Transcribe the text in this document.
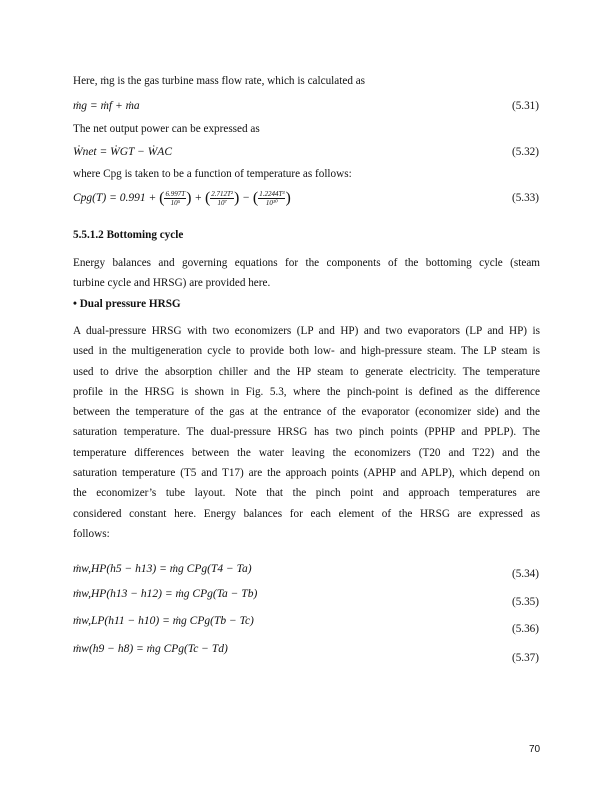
Here, ṁg is the gas turbine mass flow rate, which is calculated as
ṁg = ṁf + ṁa	(5.31)
The net output power can be expressed as
Ẇnet = ẆGT − ẆAC	(5.32)
where Cpg is taken to be a function of temperature as follows:
Cpg(T) = 0.991 + ( $\frac{6.997T}{\text{10⁵}}$ ) + ( $\frac{\text{2.712T²}}{\text{10⁷}}$ ) − ( $\frac{\text{1.2244T³}}{\text{10¹⁰}}$ )	(5.33)
5.5.1.2 Bottoming cycle
Energy balances and governing equations for the components of the bottoming cycle (steam
turbine cycle and HRSG) are provided here.
• Dual pressure HRSG
A dual-pressure HRSG with two economizers (LP and HP) and two evaporators (LP and HP) is
used in the multigeneration cycle to provide both low- and high-pressure steam. The LP steam is
used to drive the absorption chiller and the HP steam to generate electricity. The temperature
profile in the HRSG is shown in Fig. 5.3, where the pinch-point is defined as the difference
between the temperature of the gas at the entrance of the evaporator (economizer side) and the
saturation temperature. The dual-pressure HRSG has two pinch points (PPHP and PPLP). The
temperature differences between the water leaving the economizers (T20 and T22) and the
saturation temperature (T5 and T17) are the approach points (APHP and APLP), which depend on
the economizer’s tube layout. Note that the pinch point and approach temperatures are
considered constant here. Energy balances for each element of the HRSG are expressed as
follows:
ṁw,HP(h5 − h13) = ṁg CPg(T4 − Ta)	(5.34)
ṁw,HP(h13 − h12) = ṁg CPg(Ta − Tb)
(5.35)
ṁw,LP(h11 − h10) = ṁg CPg(Tb − Tc)
(5.36)
ṁw(h9 − h8) = ṁg CPg(Tc − Td)
(5.37)
70
